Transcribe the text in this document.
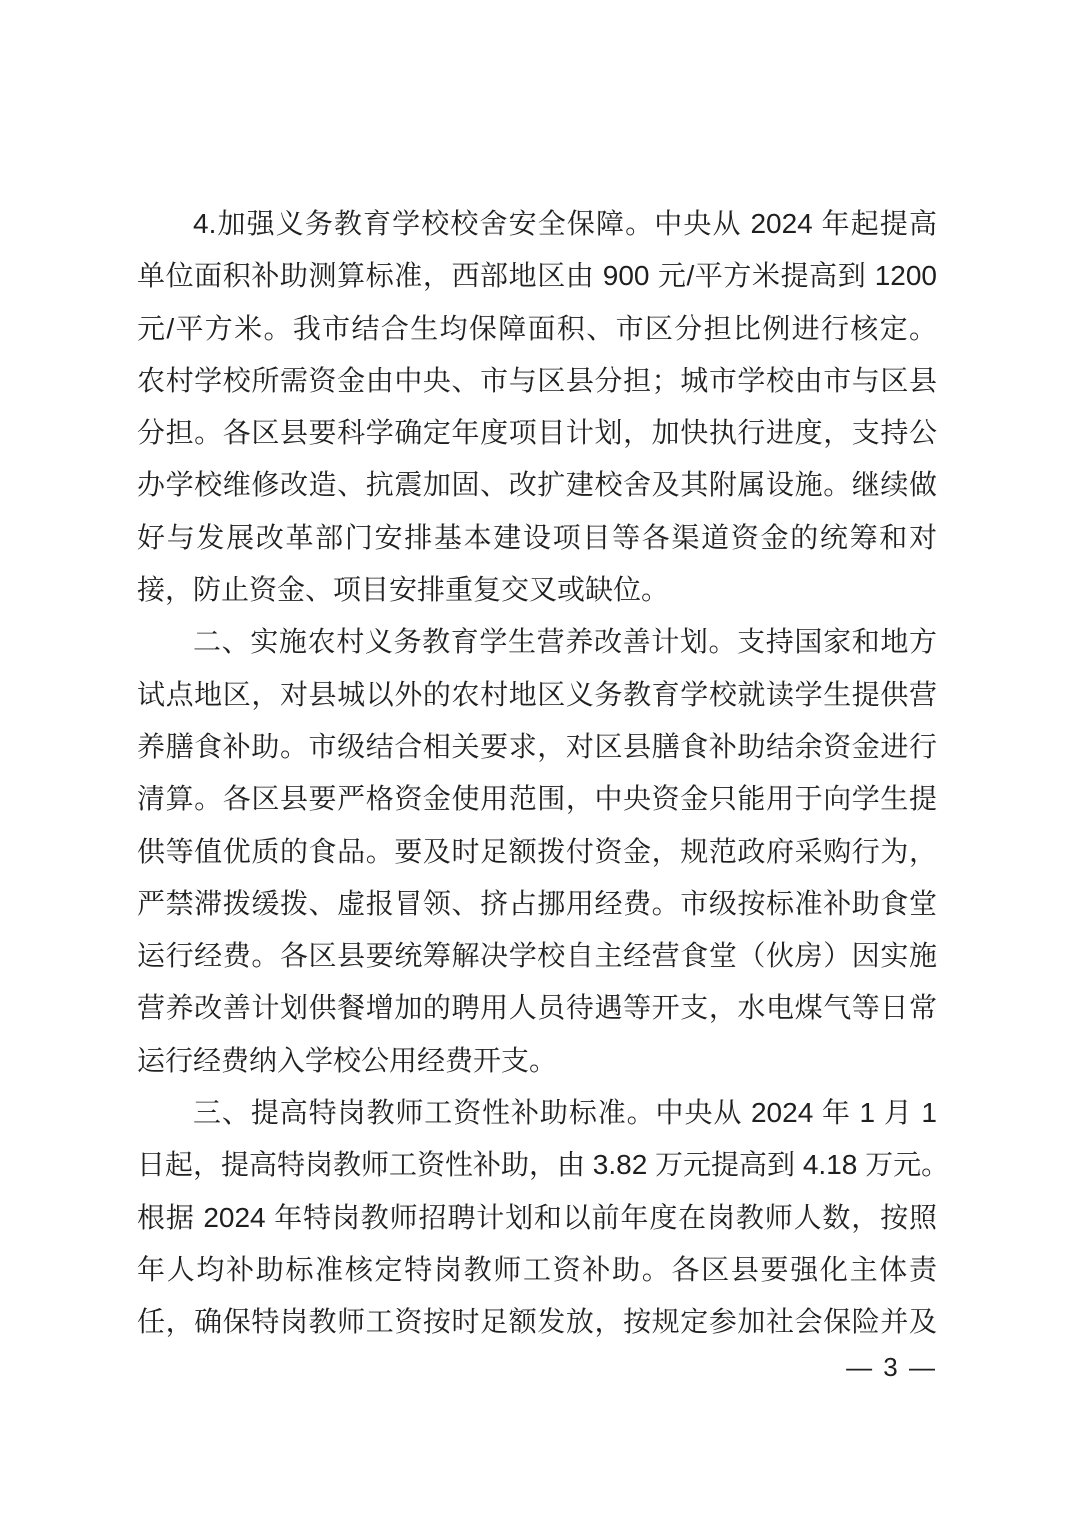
4.加强义务教育学校校舍安全保障。中央从 2024 年起提高
单位面积补助测算标准，西部地区由 900 元/平方米提高到 1200
元/平方米。我市结合生均保障面积、市区分担比例进行核定。
农村学校所需资金由中央、市与区县分担；城市学校由市与区县
分担。各区县要科学确定年度项目计划，加快执行进度，支持公
办学校维修改造、抗震加固、改扩建校舍及其附属设施。继续做
好与发展改革部门安排基本建设项目等各渠道资金的统筹和对
接，防止资金、项目安排重复交叉或缺位。
二、实施农村义务教育学生营养改善计划。支持国家和地方
试点地区，对县城以外的农村地区义务教育学校就读学生提供营
养膳食补助。市级结合相关要求，对区县膳食补助结余资金进行
清算。各区县要严格资金使用范围，中央资金只能用于向学生提
供等值优质的食品。要及时足额拨付资金，规范政府采购行为，
严禁滞拨缓拨、虚报冒领、挤占挪用经费。市级按标准补助食堂
运行经费。各区县要统筹解决学校自主经营食堂（伙房）因实施
营养改善计划供餐增加的聘用人员待遇等开支，水电煤气等日常
运行经费纳入学校公用经费开支。
三、提高特岗教师工资性补助标准。中央从 2024 年 1 月 1
日起，提高特岗教师工资性补助，由 3.82 万元提高到 4.18 万元。
根据 2024 年特岗教师招聘计划和以前年度在岗教师人数，按照
年人均补助标准核定特岗教师工资补助。各区县要强化主体责
任，确保特岗教师工资按时足额发放，按规定参加社会保险并及
— 3 —
